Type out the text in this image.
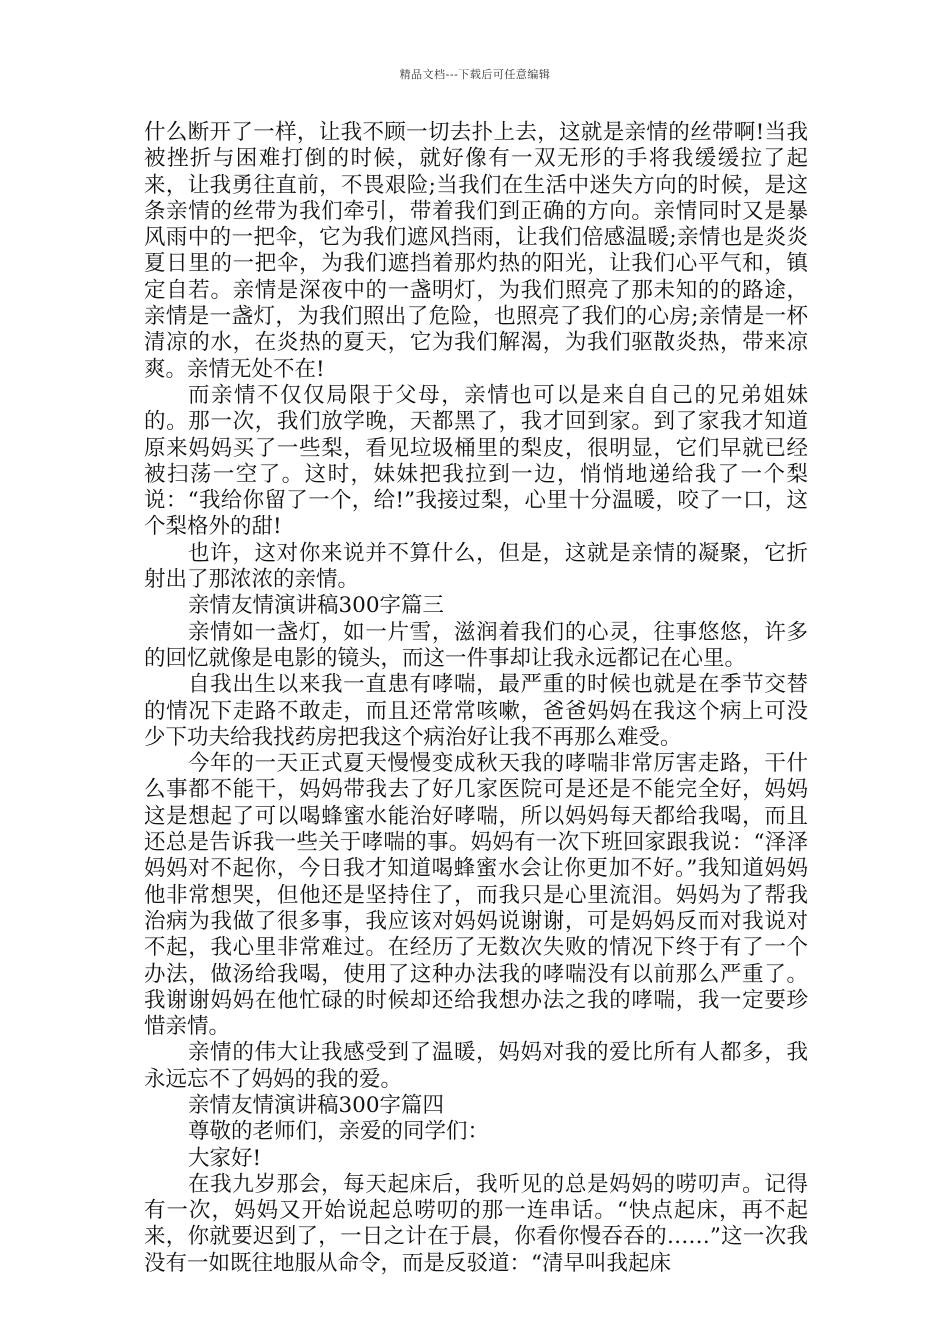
精品文档---下载后可任意编辑

什么断开了一样，让我不顾一切去扑上去，这就是亲情的丝带啊!当我被挫折与困难打倒的时候，就好像有一双无形的手将我缓缓拉了起来，让我勇往直前，不畏艰险;当我们在生活中迷失方向的时候，是这条亲情的丝带为我们牵引，带着我们到正确的方向。亲情同时又是暴风雨中的一把伞，它为我们遮风挡雨，让我们倍感温暖;亲情也是炎炎夏日里的一把伞，为我们遮挡着那灼热的阳光，让我们心平气和，镇定自若。亲情是深夜中的一盏明灯，为我们照亮了那未知的的路途，亲情是一盏灯，为我们照出了危险，也照亮了我们的心房;亲情是一杯清凉的水，在炎热的夏天，它为我们解渴，为我们驱散炎热，带来凉爽。亲情无处不在!

而亲情不仅仅局限于父母，亲情也可以是来自自己的兄弟姐妹的。那一次，我们放学晚，天都黑了，我才回到家。到了家我才知道原来妈妈买了一些梨，看见垃圾桶里的梨皮，很明显，它们早就已经被扫荡一空了。这时，妹妹把我拉到一边，悄悄地递给我了一个梨说：“我给你留了一个，给!”我接过梨，心里十分温暖，咬了一口，这个梨格外的甜!

也许，这对你来说并不算什么，但是，这就是亲情的凝聚，它折射出了那浓浓的亲情。

亲情友情演讲稿300字篇三

亲情如一盏灯，如一片雪，滋润着我们的心灵，往事悠悠，许多的回忆就像是电影的镜头，而这一件事却让我永远都记在心里。

自我出生以来我一直患有哮喘，最严重的时候也就是在季节交替的情况下走路不敢走，而且还常常咳嗽，爸爸妈妈在我这个病上可没少下功夫给我找药房把我这个病治好让我不再那么难受。

今年的一天正式夏天慢慢变成秋天我的哮喘非常厉害走路，干什么事都不能干，妈妈带我去了好几家医院可是还是不能完全好，妈妈这是想起了可以喝蜂蜜水能治好哮喘，所以妈妈每天都给我喝，而且还总是告诉我一些关于哮喘的事。妈妈有一次下班回家跟我说：“泽泽妈妈对不起你，今日我才知道喝蜂蜜水会让你更加不好。”我知道妈妈他非常想哭，但他还是坚持住了，而我只是心里流泪。妈妈为了帮我治病为我做了很多事，我应该对妈妈说谢谢，可是妈妈反而对我说对不起，我心里非常难过。在经历了无数次失败的情况下终于有了一个办法，做汤给我喝，使用了这种办法我的哮喘没有以前那么严重了。我谢谢妈妈在他忙碌的时候却还给我想办法之我的哮喘，我一定要珍惜亲情。

亲情的伟大让我感受到了温暖，妈妈对我的爱比所有人都多，我永远忘不了妈妈的我的爱。

亲情友情演讲稿300字篇四

尊敬的老师们，亲爱的同学们：

大家好!

在我九岁那会，每天起床后，我听见的总是妈妈的唠叨声。记得有一次，妈妈又开始说起总唠叨的那一连串话。“快点起床，再不起来，你就要迟到了，一日之计在于晨，你看你慢吞吞的……”这一次我没有一如既往地服从命令，而是反驳道：“清早叫我起床
